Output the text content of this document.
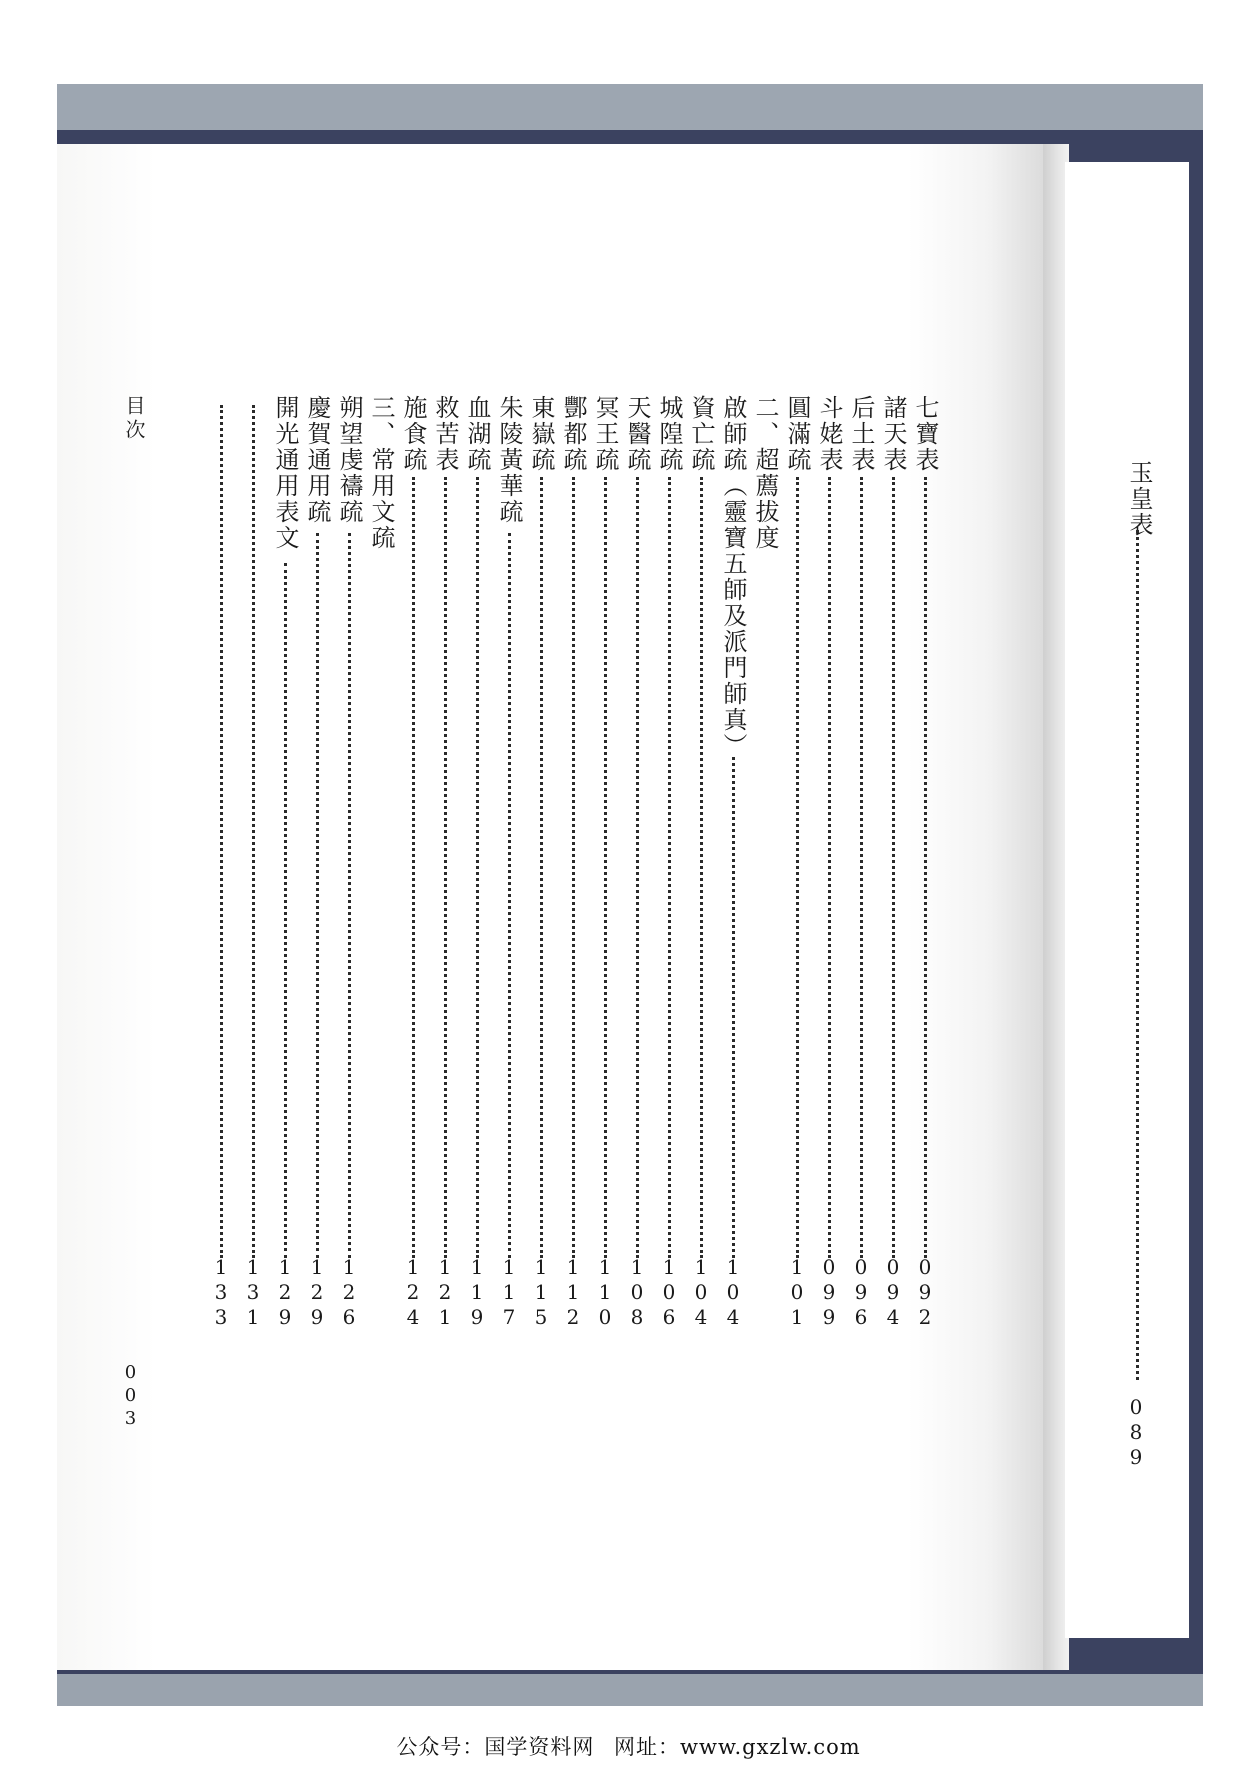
目次
003
七寶表
092
諸天表
094
后土表
096
斗姥表
099
圓滿疏
101
二、超薦拔度
啟師疏（靈寶五師及派門師真）
104
資亡疏
104
城隍疏
106
天醫疏
108
冥王疏
110
酆都疏
112
東嶽疏
115
朱陵黃華疏
117
血湖疏
119
救苦表
121
施食疏
124
三、常用文疏
朔望虔禱疏
126
慶賀通用疏
129
開光通用表文
129
131
133
玉皇表
089
公众号：国学资料网 网址：www.gxzlw.com
